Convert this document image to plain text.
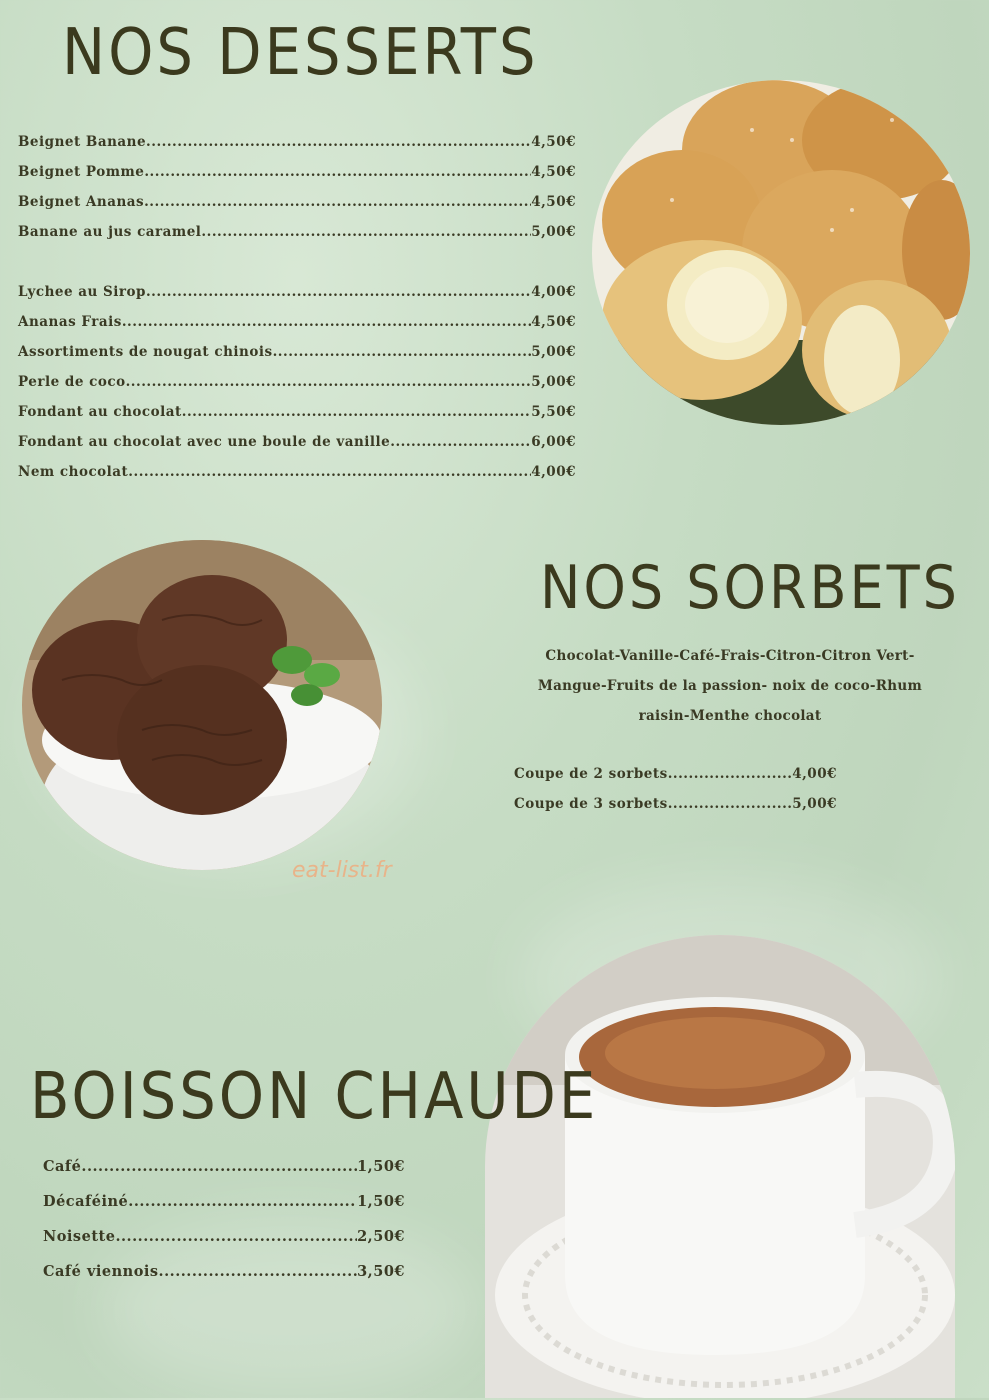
NOS DESSERTS
Beignet Banane .....	4,50€
Beignet Pomme .....	4,50€
Beignet Ananas .....	4,50€
Banane au jus caramel .....	5,00€
Lychee au Sirop .....	4,00€
Ananas Frais .....	4,50€
Assortiments de nougat chinois .....	5,00€
Perle de coco .....	5,00€
Fondant au chocolat .....	5,50€
Fondant au chocolat avec une boule de vanille .....	6,00€
Nem chocolat .....	4,00€
eat-list.fr
NOS SORBETS
Chocolat-Vanille-Café-Frais-Citron-Citron Vert-
Mangue-Fruits de la passion- noix de coco-Rhum
raisin-Menthe chocolat
Coupe de 2 sorbets .....	4,00€
Coupe de 3 sorbets .....	5,00€
BOISSON CHAUDE
Café .....	1,50€
Décaféiné .....	1,50€
Noisette .....	2,50€
Café viennois .....	3,50€
